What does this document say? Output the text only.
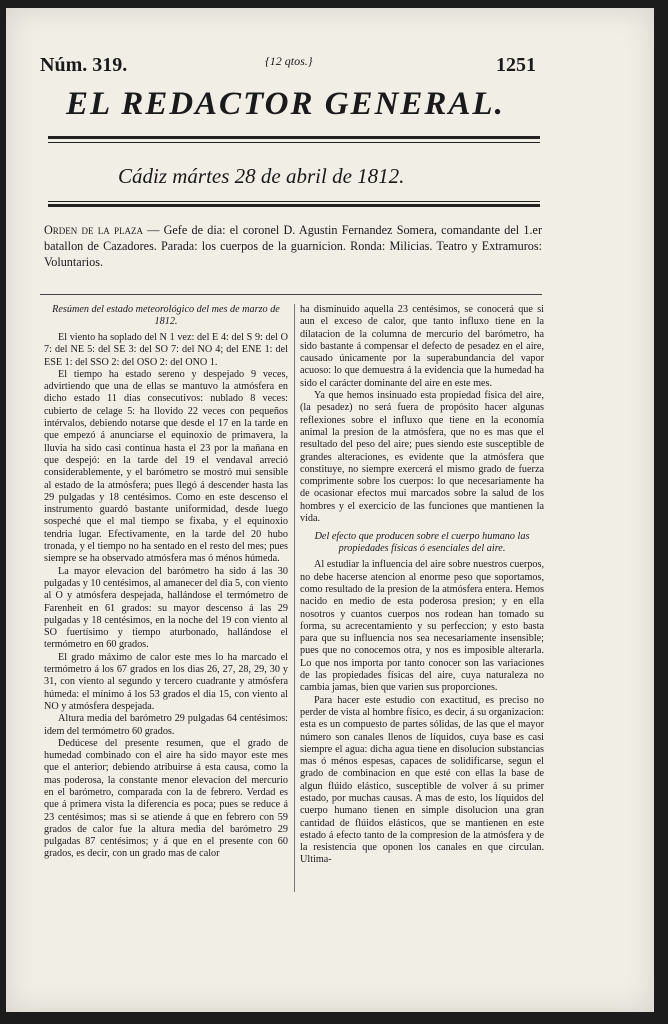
Núm. 319.	{12 qtos.}	1251
EL REDACTOR GENERAL.
Cádiz mártes 28 de abril de 1812.
Orden de la plaza — Gefe de dia: el coronel D. Agustin Fernandez Somera, comandante del 1.er batallon de Cazadores. Parada: los cuerpos de la guarnicion. Ronda: Milicias. Teatro y Extramuros: Voluntarios.
Resúmen del estado meteorológico del mes de marzo de 1812.

El viento ha soplado del N 1 vez: del E 4: del S 9: del O 7: del NE 5: del SE 3: del SO 7: del NO 4; del ENE 1: del ESE 1: del SSO 2: del OSO 2: del ONO 1.

El tiempo ha estado sereno y despejado 9 veces, advirtiendo que una de ellas se mantuvo la atmósfera en dicho estado 11 dias consecutivos: nublado 8 veces: cubierto de celage 5: ha llovido 22 veces con pequeños intérvalos, debiendo notarse que desde el 17 en la tarde en que empezó á anunciarse el equinoxio de primavera, la lluvia ha sido casi continua hasta el 23 por la mañana en que despejó: en la tarde del 19 el vendaval arreció considerablemente, y el barómetro se mostró mui sensible al estado de la atmósfera; pues llegó á descender hasta las 29 pulgadas y 18 centésimos. Como en este descenso el instrumento guardó bastante uniformidad, desde luego sospeché que el mal tiempo se fixaba, y el equinoxio tendria lugar. Efectivamente, en la tarde del 20 hubo tronada, y el tiempo no ha sentado en el resto del mes; pues siempre se ha observado atmósfera mas ó ménos húmeda.

La mayor elevacion del barómetro ha sido á las 30 pulgadas y 10 centésimos, al amanecer del dia 5, con viento al O y atmósfera despejada, hallándose el termómetro de Farenheit en 61 grados: su mayor descenso á las 29 pulgadas y 18 centésimos, en la noche del 19 con viento al SO fuertísimo y tiempo aturbonado, hallándose el termómetro en 60 grados.

El grado máximo de calor este mes lo ha marcado el termómetro á los 67 grados en los dias 26, 27, 28, 29, 30 y 31, con viento al segundo y tercero cuadrante y atmósfera húmeda: el mínimo á los 53 grados el dia 15, con viento al NO y atmósfera despejada.

Altura media del barómetro 29 pulgadas 64 centésimos: idem del termómetro 60 grados.

Dedúcese del presente resumen, que el grado de humedad combinado con el aire ha sido mayor este mes que el anterior; debiendo atribuirse á esta causa, como la mas poderosa, la constante menor elevacion del mercurio en el barómetro, comparada con la de febrero. Verdad es que á primera vista la diferencia es poca; pues se reduce á 23 centésimos; mas si se atiende á que en febrero con 59 grados de calor fue la altura media del barómetro 29 pulgadas 87 centésimos; y á que en el presente con 60 grados, es decir, con un grado mas de calor

ha disminuido aquella 23 centésimos, se conocerá que si aun el exceso de calor, que tanto influxo tiene en la dilatacion de la columna de mercurio del barómetro, ha sido bastante á compensar el defecto de pesadez en el aire, causado únicamente por la superabundancia del vapor acuoso: lo que demuestra á la evidencia que la humedad ha sido el carácter dominante del aire en este mes.

Ya que hemos insinuado esta propiedad física del aire, (la pesadez) no será fuera de propósito hacer algunas reflexiones sobre el influxo que tiene en la economía animal la presion de la atmósfera, que no es mas que el resultado del peso del aire; pues siendo este susceptible de grandes alteraciones, es evidente que la atmósfera que constituye, no siempre exercerá el mismo grado de fuerza comprimente sobre los cuerpos: lo que necesariamente ha de ocasionar efectos mui marcados sobre la salud de los hombres y el exercicio de las funciones que mantienen la vida.

Del efecto que producen sobre el cuerpo humano las propiedades físicas ó esenciales del aire.

Al estudiar la influencia del aire sobre nuestros cuerpos, no debe hacerse atencion al enorme peso que soportamos, como resultado de la presion de la atmósfera entera. Hemos nacido en medio de esta poderosa presion; y en ella nosotros y cuantos cuerpos nos rodean han tomado su forma, su acrecentamiento y su perfeccion; y esto basta para que su influencia nos sea necesariamente insensible; pues que no conocemos otra, y nos es imposible alterarla. Lo que nos importa por tanto conocer son las variaciones de las propiedades físicas del aire, cuya naturaleza no cambia jamas, bien que varien sus proporciones.

Para hacer este estudio con exactitud, es preciso no perder de vista al hombre físico, es decir, á su organizacion: esta es un compuesto de partes sólidas, de las que el mayor número son canales llenos de líquidos, cuya base es casi siempre el agua: dicha agua tiene en disolucion substancias mas ó ménos espesas, capaces de solidificarse, segun el grado de combinacion en que esté con ellas la base de algun flúido elástico, susceptible de volver á su primer estado, por muchas causas. A mas de esto, los líquidos del cuerpo humano tienen en simple disolucion una gran cantidad de flúidos elásticos, que se mantienen en este estado á efecto tanto de la compresion de la atmósfera y de la resistencia que oponen los canales en que circulan. Ultima-
